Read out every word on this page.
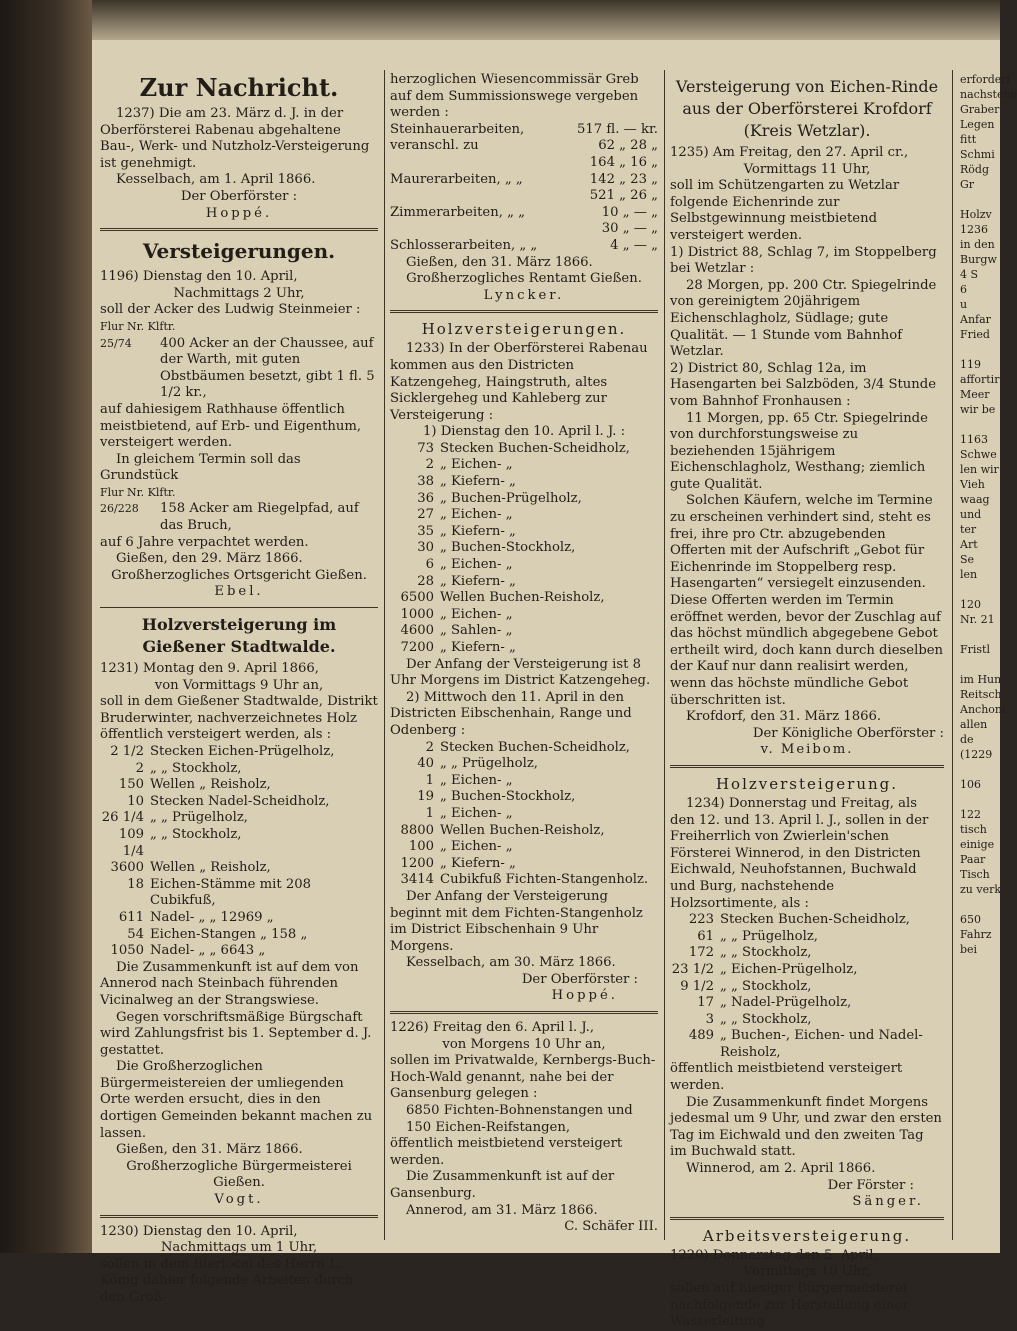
Zur Nachricht.

1237) Die am 23. März d. J. in der Oberförsterei Rabenau abgehaltene Bau-, Werk- und Nutzholz-Versteigerung ist genehmigt.

Kesselbach, am 1. April 1866.

Der Oberförster :

Hoppé.

Versteigerungen.

1196) Dienstag den 10. April,

Nachmittags 2 Uhr,

soll der Acker des Ludwig Steinmeier :

Flur Nr. Klftr.

25/74	400 Acker an der Chaussee, auf der Warth, mit guten Obstbäumen besetzt, gibt 1 fl. 5 1/2 kr.,

auf dahiesigem Rathhause öffentlich meistbietend, auf Erb- und Eigenthum, versteigert werden.

In gleichem Termin soll das Grundstück

Flur Nr. Klftr.

26/228	158 Acker am Riegelpfad, auf das Bruch,

auf 6 Jahre verpachtet werden.

Gießen, den 29. März 1866.

Großherzogliches Ortsgericht Gießen.

Ebel.

Holzversteigerung im Gießener Stadtwalde.

1231) Montag den 9. April 1866,

von Vormittags 9 Uhr an,

soll in dem Gießener Stadtwalde, Distrikt Bruderwinter, nachverzeichnetes Holz öffentlich versteigert werden, als :

2 1/2	Stecken Eichen-Prügelholz,
2	„ „ Stockholz,
150	Wellen „ Reisholz,
10	Stecken Nadel-Scheidholz,
26 1/4	„ „ Prügelholz,
109 1/4	„ „ Stockholz,
3600	Wellen „ Reisholz,
18	Eichen-Stämme mit 208 Cubikfuß,
611	Nadel- „ „ 12969 „
54	Eichen-Stangen „ 158 „
1050	Nadel- „ „ 6643 „

Die Zusammenkunft ist auf dem von Annerod nach Steinbach führenden Vicinalweg an der Strangswiese.

Gegen vorschriftsmäßige Bürgschaft wird Zahlungsfrist bis 1. September d. J. gestattet.

Die Großherzoglichen Bürgermeistereien der umliegenden Orte werden ersucht, dies in den dortigen Gemeinden bekannt machen zu lassen.

Gießen, den 31. März 1866.

Großherzogliche Bürgermeisterei Gießen.

Vogt.

1230) Dienstag den 10. April,

Nachmittags um 1 Uhr,

sollen in dem Bierlocal des Herrn L. König dahier folgende Arbeiten durch den Groß-

herzoglichen Wiesencommissär Greb auf dem Summissionswege vergeben werden :

Steinhauerarbeiten,	517 fl. — kr.
veranschl. zu	62 „ 28 „
	164 „ 16 „
Maurerarbeiten, „ „	142 „ 23 „
	521 „ 26 „
Zimmerarbeiten, „ „	10 „ — „
	30 „ — „
Schlosserarbeiten, „ „	4 „ — „

Gießen, den 31. März 1866.

Großherzogliches Rentamt Gießen.

Lyncker.

Holzversteigerungen.

1233) In der Oberförsterei Rabenau kommen aus den Districten Katzengeheg, Haingstruth, altes Sicklergeheg und Kahleberg zur Versteigerung :

1) Dienstag den 10. April l. J. :

73	Stecken Buchen-Scheidholz,
2	„ Eichen- „
38	„ Kiefern- „
36	„ Buchen-Prügelholz,
27	„ Eichen- „
35	„ Kiefern- „
30	„ Buchen-Stockholz,
6	„ Eichen- „
28	„ Kiefern- „
6500	Wellen Buchen-Reisholz,
1000	„ Eichen- „
4600	„ Sahlen- „
7200	„ Kiefern- „

Der Anfang der Versteigerung ist 8 Uhr Morgens im District Katzengeheg.

2) Mittwoch den 11. April in den Districten Eibschenhain, Range und Odenberg :

2	Stecken Buchen-Scheidholz,
40	„ „ Prügelholz,
1	„ Eichen- „
19	„ Buchen-Stockholz,
1	„ Eichen- „
8800	Wellen Buchen-Reisholz,
100	„ Eichen- „
1200	„ Kiefern- „
3414	Cubikfuß Fichten-Stangenholz.

Der Anfang der Versteigerung beginnt mit dem Fichten-Stangenholz im District Eibschenhain 9 Uhr Morgens.

Kesselbach, am 30. März 1866.

Der Oberförster :

Hoppé.

1226) Freitag den 6. April l. J.,

von Morgens 10 Uhr an,

sollen im Privatwalde, Kernbergs-Buch-Hoch-Wald genannt, nahe bei der Gansenburg gelegen :

6850 Fichten-Bohnenstangen und

150 Eichen-Reifstangen,

öffentlich meistbietend versteigert werden.

Die Zusammenkunft ist auf der Gansenburg.

Annerod, am 31. März 1866.

C. Schäfer III.

Versteigerung von Eichen-Rinde aus der Oberförsterei Krofdorf (Kreis Wetzlar).

1235) Am Freitag, den 27. April cr.,

Vormittags 11 Uhr,

soll im Schützengarten zu Wetzlar folgende Eichenrinde zur Selbstgewinnung meistbietend versteigert werden.

1) District 88, Schlag 7, im Stoppelberg bei Wetzlar :

28 Morgen, pp. 200 Ctr. Spiegelrinde von gereinigtem 20jährigem Eichenschlagholz, Südlage; gute Qualität. — 1 Stunde vom Bahnhof Wetzlar.

2) District 80, Schlag 12a, im Hasengarten bei Salzböden, 3/4 Stunde vom Bahnhof Fronhausen :

11 Morgen, pp. 65 Ctr. Spiegelrinde von durchforstungsweise zu beziehenden 15jährigem Eichenschlagholz, Westhang; ziemlich gute Qualität.

Solchen Käufern, welche im Termine zu erscheinen verhindert sind, steht es frei, ihre pro Ctr. abzugebenden Offerten mit der Aufschrift „Gebot für Eichenrinde im Stoppelberg resp. Hasengarten“ versiegelt einzusenden. Diese Offerten werden im Termin eröffnet werden, bevor der Zuschlag auf das höchst mündlich abgegebene Gebot ertheilt wird, doch kann durch dieselben der Kauf nur dann realisirt werden, wenn das höchste mündliche Gebot überschritten ist.

Krofdorf, den 31. März 1866.

Der Königliche Oberförster :

v. Meibom.

Holzversteigerung.

1234) Donnerstag und Freitag, als den 12. und 13. April l. J., sollen in der Freiherrlich von Zwierlein'schen Försterei Winnerod, in den Districten Eichwald, Neuhofstannen, Buchwald und Burg, nachstehende Holzsortimente, als :

223	Stecken Buchen-Scheidholz,
61	„ „ Prügelholz,
172	„ „ Stockholz,
23 1/2	„ Eichen-Prügelholz,
9 1/2	„ „ Stockholz,
17	„ Nadel-Prügelholz,
3	„ „ Stockholz,
489	„ Buchen-, Eichen- und Nadel-Reisholz,

öffentlich meistbietend versteigert werden.

Die Zusammenkunft findet Morgens jedesmal um 9 Uhr, und zwar den ersten Tag im Eichwald und den zweiten Tag im Buchwald statt.

Winnerod, am 2. April 1866.

Der Förster :

Sänger.

Arbeitsversteigerung.

1220) Donnerstag den 5. April,

Vormittags 10 Uhr,

sollen auf hiesiger Bürgermeisterei nachfolgende zur Herstellung einer Wasserleitung

erforderl

nachstehe

Graber

Legen

fitt

Schmi

Rödg

Gr

Holzv

1236

in den

Burgw

4 S

6

u

Anfar

Fried

119

affortir

Meer

wir be

1163

Schwe

len wir

Vieh

waag

und

ter

Art

Se

len

120

Nr. 21

Fristl

im Hun

Reitsch

Anchoni

allen

de

(1229

106

122

tisch

einige

Paar

Tisch

zu verk

650

Fahrz

bei
